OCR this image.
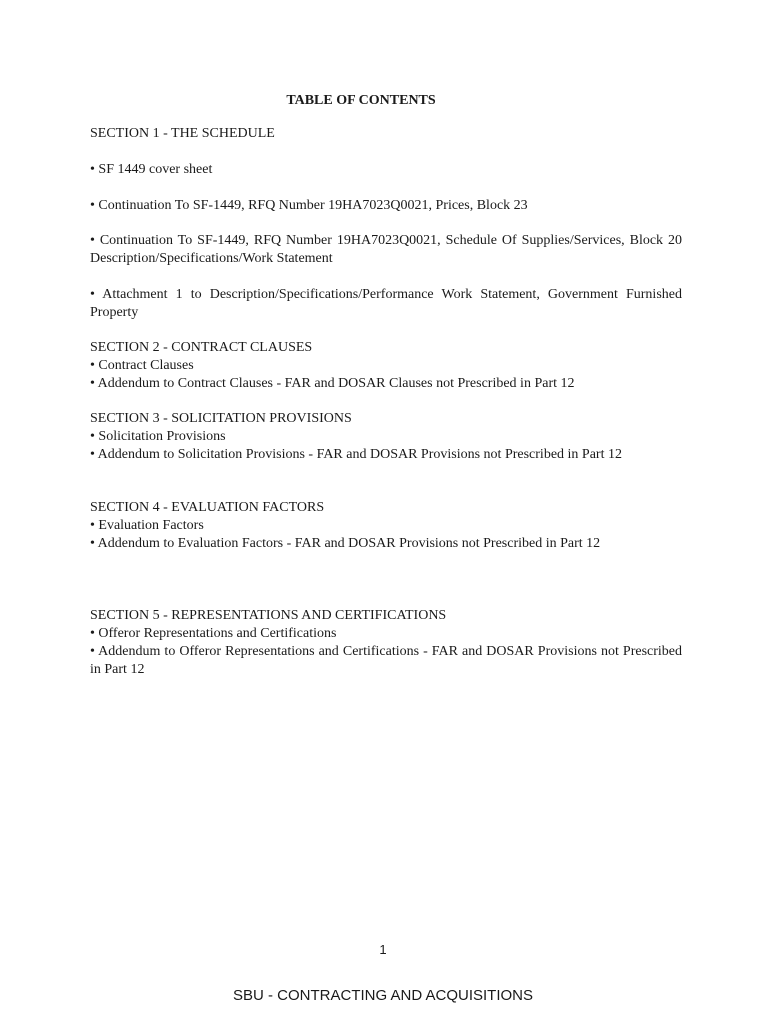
TABLE OF CONTENTS

SECTION 1 - THE SCHEDULE

• SF 1449 cover sheet

• Continuation To SF-1449, RFQ Number 19HA7023Q0021, Prices, Block 23

• Continuation To SF-1449, RFQ Number 19HA7023Q0021, Schedule Of Supplies/Services, Block 20 Description/Specifications/Work Statement

• Attachment 1 to Description/Specifications/Performance Work Statement, Government Furnished Property

SECTION 2 - CONTRACT CLAUSES

• Contract Clauses

• Addendum to Contract Clauses - FAR and DOSAR Clauses not Prescribed in Part 12

SECTION 3 - SOLICITATION PROVISIONS

• Solicitation Provisions

• Addendum to Solicitation Provisions - FAR and DOSAR Provisions not Prescribed in Part 12

SECTION 4 - EVALUATION FACTORS

• Evaluation Factors

• Addendum to Evaluation Factors - FAR and DOSAR Provisions not Prescribed in Part 12

SECTION 5 - REPRESENTATIONS AND CERTIFICATIONS

• Offeror Representations and Certifications

• Addendum to Offeror Representations and Certifications - FAR and DOSAR Provisions not Prescribed in Part 12

1
SBU - CONTRACTING AND ACQUISITIONS
